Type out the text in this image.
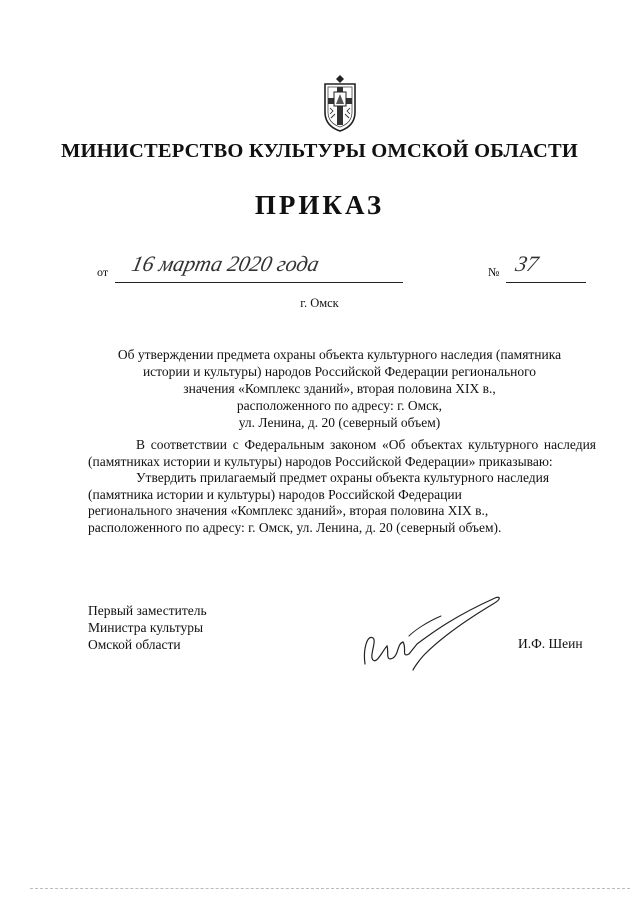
МИНИСТЕРСТВО КУЛЬТУРЫ ОМСКОЙ ОБЛАСТИ
ПРИКАЗ
от 16 марта 2020 года	№ 37
г. Омск
Об утверждении предмета охраны объекта культурного наследия (памятника
истории и культуры) народов Российской Федерации регионального
значения «Комплекс зданий», вторая половина XIX в.,
расположенного по адресу: г. Омск,
ул. Ленина, д. 20 (северный объем)

В соответствии с Федеральным законом «Об объектах культурного наследия (памятниках истории и культуры) народов Российской Федерации» приказываю:

Утвердить прилагаемый предмет охраны объекта культурного наследия

(памятника истории и культуры) народов Российской Федерации

регионального значения «Комплекс зданий», вторая половина XIX в.,

расположенного по адресу: г. Омск, ул. Ленина, д. 20 (северный объем).

Первый заместитель
Министра культуры
Омской области	И.Ф. Шеин
